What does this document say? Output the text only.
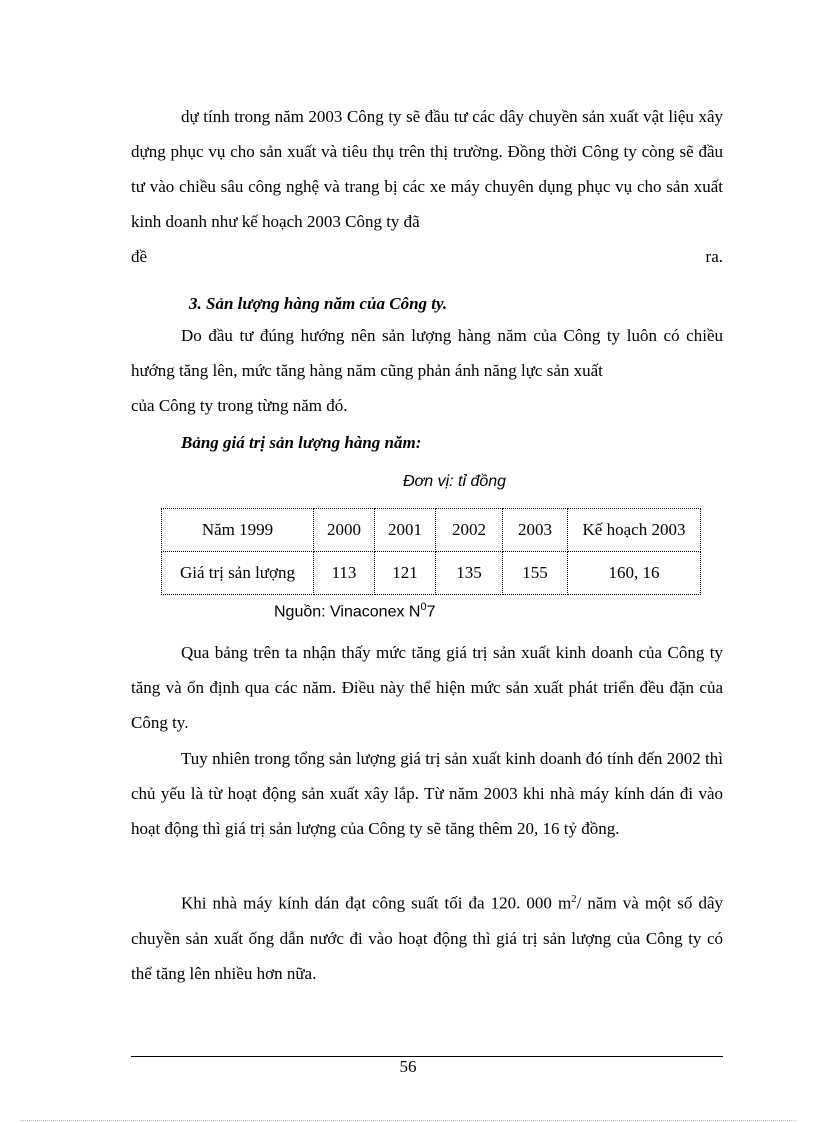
dự tính trong năm 2003 Công ty sẽ đầu tư các dây chuyền sản xuất vật liệu xây dựng phục vụ cho sản xuất và tiêu thụ trên thị trường. Đồng thời Công ty còng sẽ đầu tư vào chiều sâu công nghệ và trang bị các xe máy chuyên dụng phục vụ cho sản xuất kinh doanh như kế hoạch 2003 Công ty đã
đề	ra.
3. Sản lượng hàng năm của Công ty.
Do đầu tư đúng hướng nên sản lượng hàng năm của Công ty luôn có chiều hướng tăng lên, mức tăng hàng năm cũng phản ánh năng lực sản xuất
của Công ty trong từng năm đó.
Bảng giá trị sản lượng hàng năm:
Đơn vị: tỉ đồng
Năm 1999	2000	2001	2002	2003	Kế hoạch 2003
Giá trị sản lượng	113	121	135	155	160, 16
Nguồn: Vinaconex $N^07$
Qua bảng trên ta nhận thấy mức tăng giá trị sản xuất kinh doanh của Công ty tăng và ổn định qua các năm. Điều này thể hiện mức sản xuất phát triển đều đặn của Công ty.
Tuy nhiên trong tổng sản lượng giá trị sản xuất kinh doanh đó tính đến 2002 thì chủ yếu là từ hoạt động sản xuất xây lắp. Từ năm 2003 khi nhà máy kính dán đi vào hoạt động thì giá trị sản lượng của Công ty sẽ tăng thêm 20, 16 tỷ đồng.
Khi nhà máy kính dán đạt công suất tối đa 120. 000 $m^2/$ năm và một số dây chuyền sản xuất ống dẫn nước đi vào hoạt động thì giá trị sản lượng của Công ty có thể tăng lên nhiều hơn nữa.
56
